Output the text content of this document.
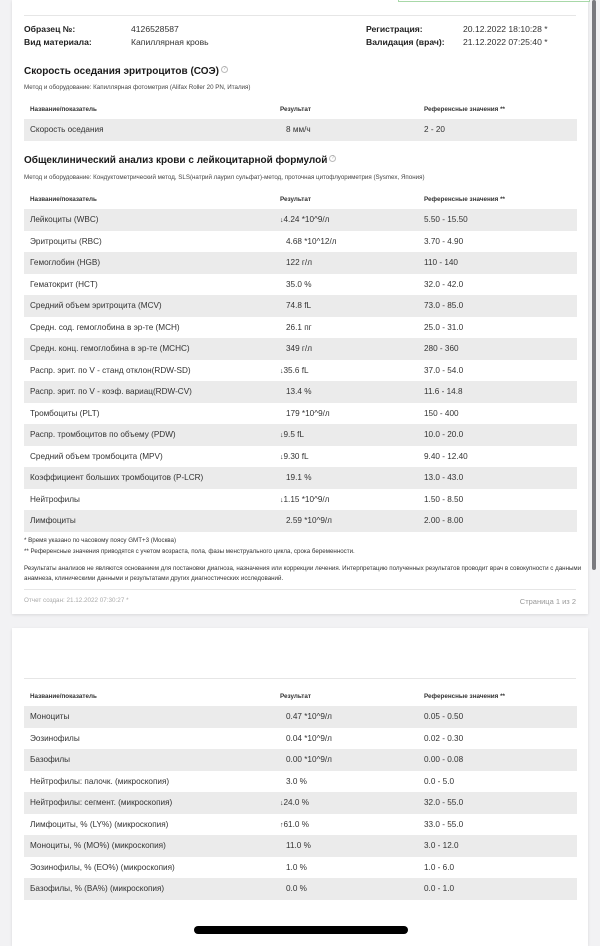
Образец №:	4126528587
Вид материала:	Капиллярная кровь
Регистрация:	20.12.2022 18:10:28 *
Валидация (врач): 21.12.2022 07:25:40 *
Скорость оседания эритроцитов (СОЭ) ?
Метод и оборудование: Капиллярная фотометрия (Alifax Roller 20 PN, Италия)
Название/показатель	Результат	Референсные значения **
Скорость оседания	8 мм/ч	2 - 20
Общеклинический анализ крови с лейкоцитарной формулой ?
Метод и оборудование: Кондуктометрический метод, SLS(натрий лаурил сульфат)-метод, проточная цитофлуориметрия (Sysmex, Япония)
Название/показатель	Результат	Референсные значения **
Лейкоциты (WBC)	↓4.24 *10^9/л	5.50 - 15.50
Эритроциты (RBC)	4.68 *10^12/л	3.70 - 4.90
Гемоглобин (HGB)	122 г/л	110 - 140
Гематокрит (HCT)	35.0 %	32.0 - 42.0
Средний объем эритроцита (MCV)	74.8 fL	73.0 - 85.0
Средн. сод. гемоглобина в эр-те (MCH)	26.1 пг	25.0 - 31.0
Средн. конц. гемоглобина в эр-те (MCHC)	349 г/л	280 - 360
Распр. эрит. по V - станд отклон(RDW-SD)	↓35.6 fL	37.0 - 54.0
Распр. эрит. по V - коэф. вариац(RDW-CV)	13.4 %	11.6 - 14.8
Тромбоциты (PLT)	179 *10^9/л	150 - 400
Распр. тромбоцитов по объему (PDW)	↓9.5 fL	10.0 - 20.0
Средний объем тромбоцита (MPV)	↓9.30 fL	9.40 - 12.40
Коэффициент больших тромбоцитов (P-LCR)	19.1 %	13.0 - 43.0
Нейтрофилы	↓1.15 *10^9/л	1.50 - 8.50
Лимфоциты	2.59 *10^9/л	2.00 - 8.00
* Время указано по часовому поясу GMT+3 (Москва)
** Референсные значения приводятся с учетом возраста, пола, фазы менструального цикла, срока беременности.
Результаты анализов не являются основанием для постановки диагноза, назначения или коррекции лечения. Интерпретацию полученных результатов проводит врач в совокупности с данными анамнеза, клиническими данными и результатами других диагностических исследований.
Отчет создан: 21.12.2022 07:30:27 *	Страница 1 из 2
Название/показатель	Результат	Референсные значения **
Моноциты	0.47 *10^9/л	0.05 - 0.50
Эозинофилы	0.04 *10^9/л	0.02 - 0.30
Базофилы	0.00 *10^9/л	0.00 - 0.08
Нейтрофилы: палочк. (микроскопия)	3.0 %	0.0 - 5.0
Нейтрофилы: сегмент. (микроскопия)	↓24.0 %	32.0 - 55.0
Лимфоциты, % (LY%) (микроскопия)	↑61.0 %	33.0 - 55.0
Моноциты, % (MO%) (микроскопия)	11.0 %	3.0 - 12.0
Эозинофилы, % (EO%) (микроскопия)	1.0 %	1.0 - 6.0
Базофилы, % (BA%) (микроскопия)	0.0 %	0.0 - 1.0
